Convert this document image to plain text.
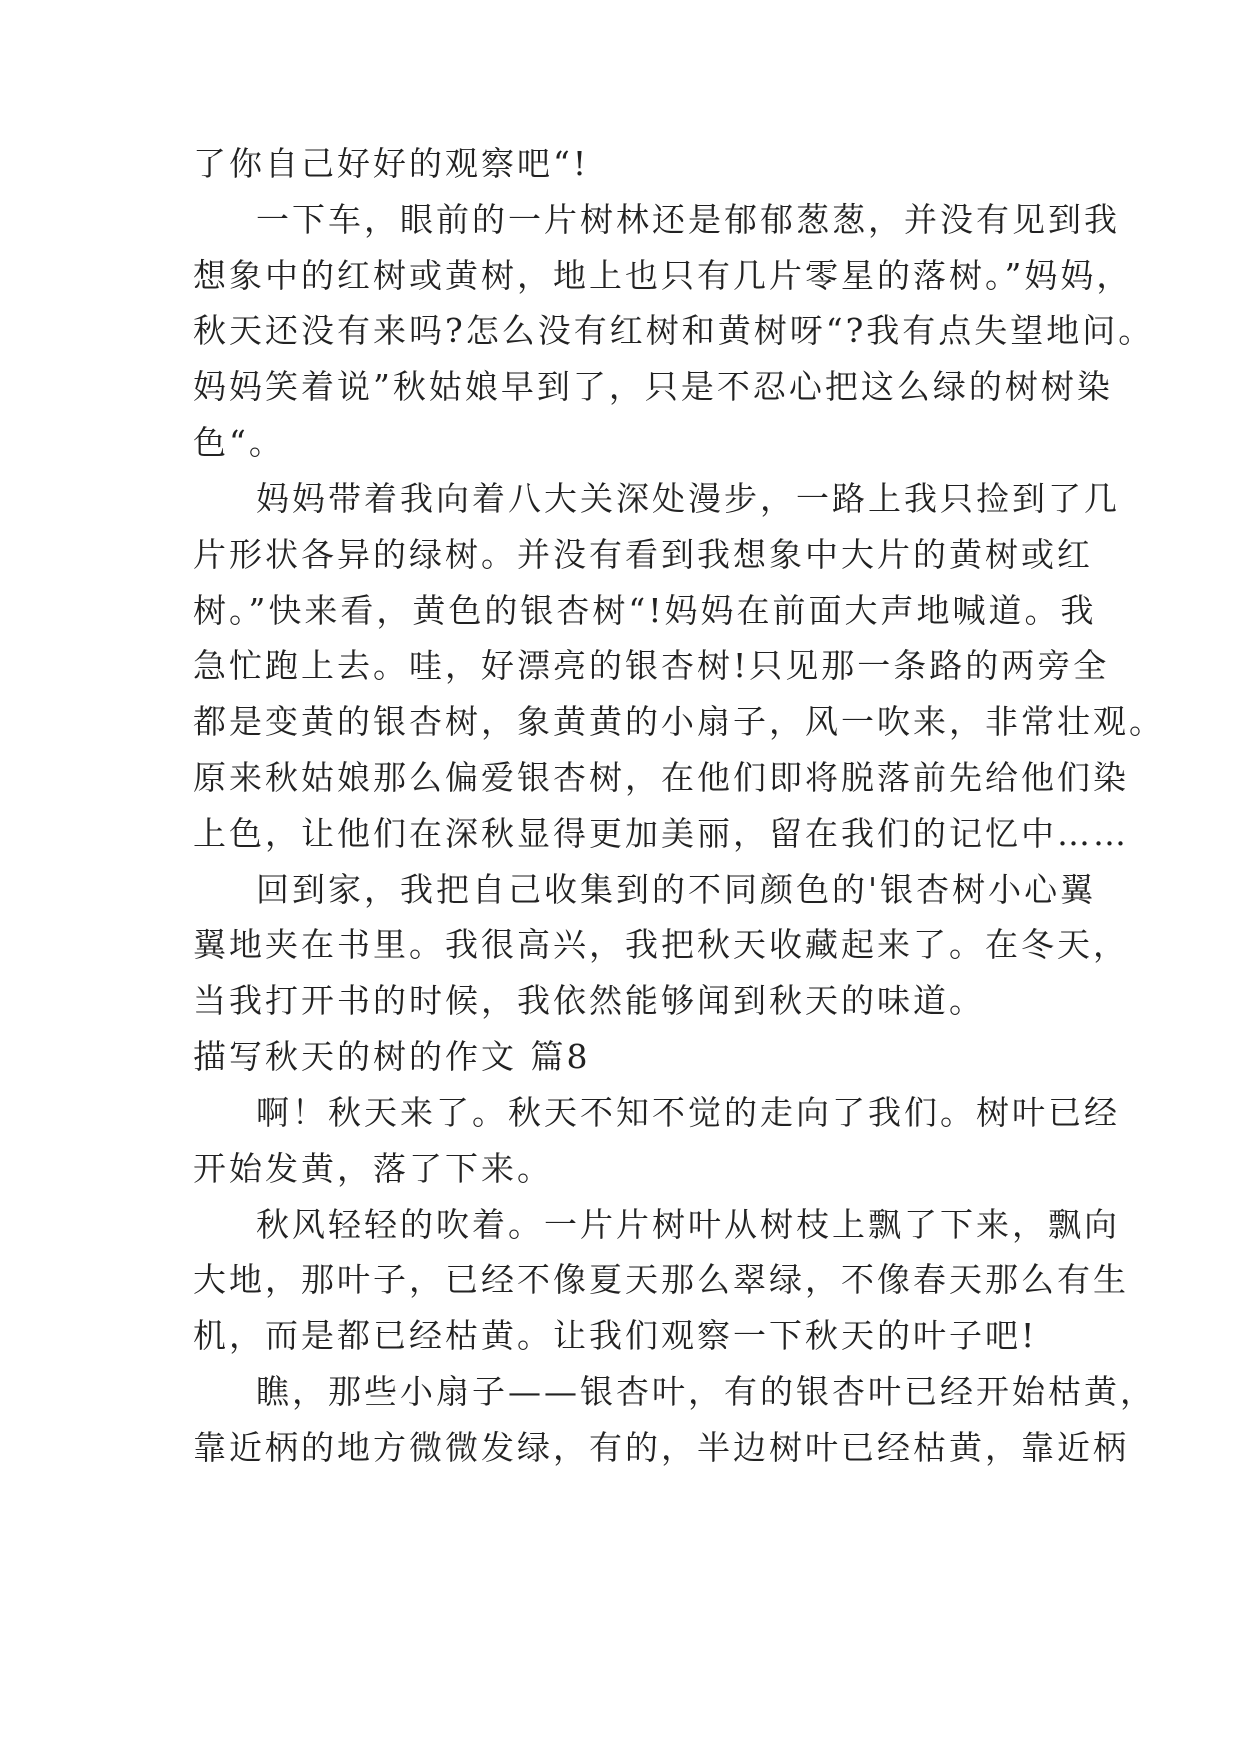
了你自己好好的观察吧“!
一下车，眼前的一片树林还是郁郁葱葱，并没有见到我
想象中的红树或黄树，地上也只有几片零星的落树。”妈妈，
秋天还没有来吗?怎么没有红树和黄树呀“?我有点失望地问。
妈妈笑着说”秋姑娘早到了，只是不忍心把这么绿的树树染
色“。
妈妈带着我向着八大关深处漫步，一路上我只捡到了几
片形状各异的绿树。并没有看到我想象中大片的黄树或红
树。”快来看，黄色的银杏树“!妈妈在前面大声地喊道。我
急忙跑上去。哇，好漂亮的银杏树!只见那一条路的两旁全
都是变黄的银杏树，象黄黄的小扇子，风一吹来，非常壮观。
原来秋姑娘那么偏爱银杏树，在他们即将脱落前先给他们染
上色，让他们在深秋显得更加美丽，留在我们的记忆中……
回到家，我把自己收集到的不同颜色的'银杏树小心翼
翼地夹在书里。我很高兴，我把秋天收藏起来了。在冬天，
当我打开书的时候，我依然能够闻到秋天的味道。
描写秋天的树的作文 篇8
啊！秋天来了。秋天不知不觉的走向了我们。树叶已经
开始发黄，落了下来。
秋风轻轻的吹着。一片片树叶从树枝上飘了下来，飘向
大地，那叶子，已经不像夏天那么翠绿，不像春天那么有生
机，而是都已经枯黄。让我们观察一下秋天的叶子吧!
瞧，那些小扇子——银杏叶，有的银杏叶已经开始枯黄，
靠近柄的地方微微发绿，有的，半边树叶已经枯黄，靠近柄
